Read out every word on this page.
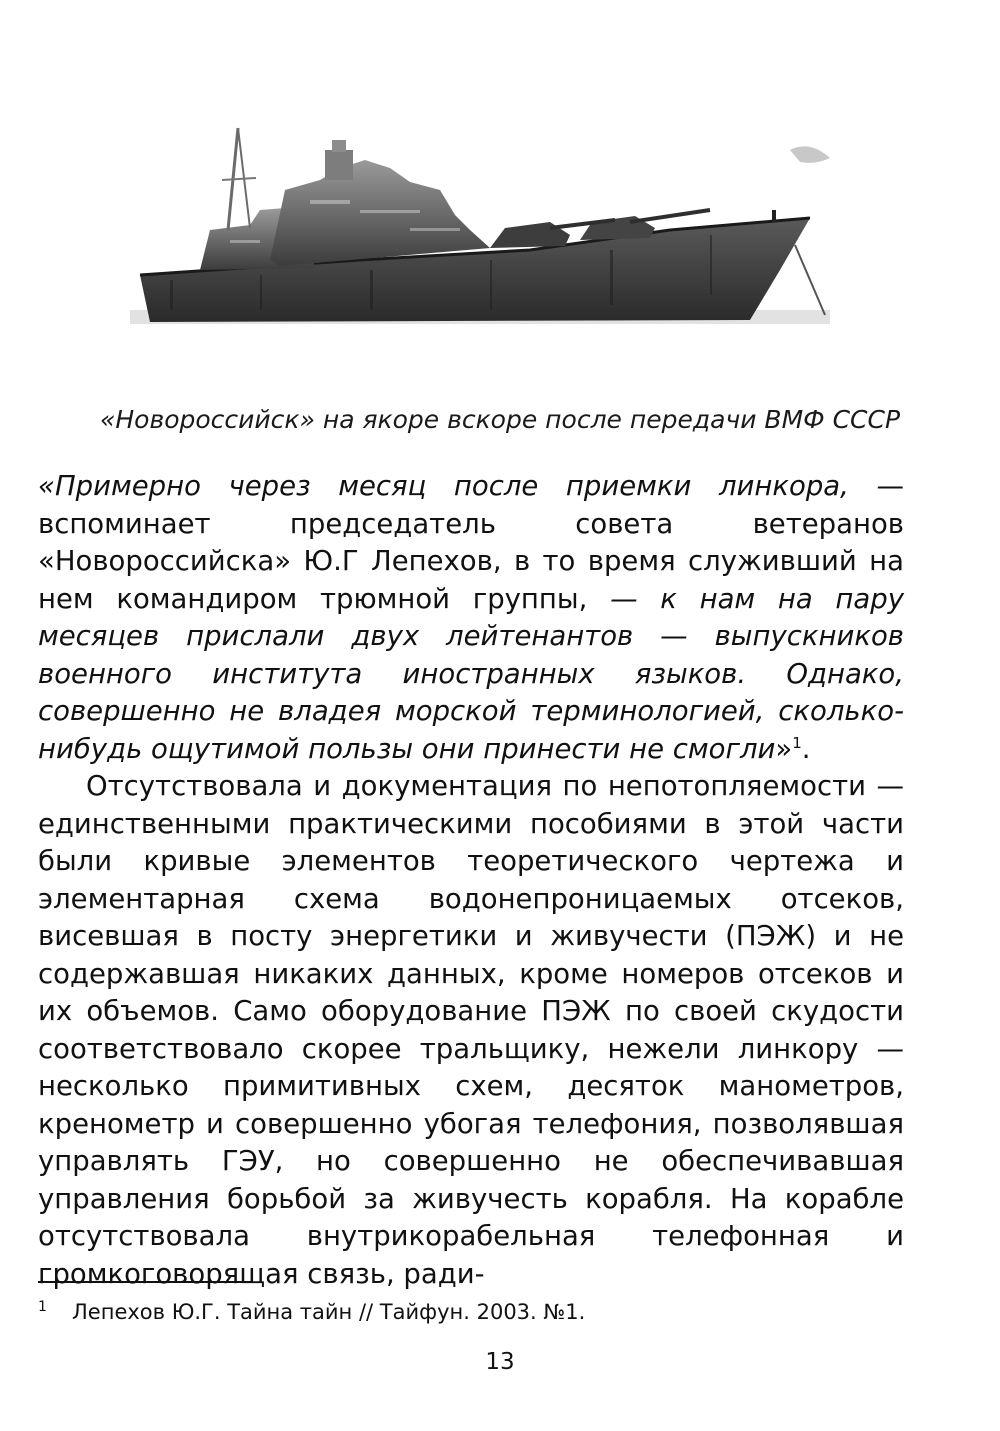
«Новороссийск» на якоре вскоре после передачи ВМФ СССР

«Примерно через месяц после приемки линкора, — вспоминает председатель совета ветеранов «Новороссийска» Ю.Г Лепехов, в то время служивший на нем командиром трюмной группы, — к нам на пару месяцев прислали двух лейтенантов — выпускников военного института иностранных языков. Однако, совершенно не владея морской терминологией, сколько-нибудь ощутимой пользы они принести не смогли»$^1$.

Отсутствовала и документация по непотопляемости — единственными практическими пособиями в этой части были кривые элементов теоретического чертежа и элементарная схема водонепроницаемых отсеков, висевшая в посту энергетики и живучести (ПЭЖ) и не содержавшая никаких данных, кроме номеров отсеков и их объемов. Само оборудование ПЭЖ по своей скудости соответствовало скорее тральщику, нежели линкору — несколько примитивных схем, десяток манометров, кренометр и совершенно убогая телефония, позволявшая управлять ГЭУ, но совершенно не обеспечивавшая управления борьбой за живучесть корабля. На корабле отсутствовала внутрикорабельная телефонная и громкоговорящая связь, ради-

1 Лепехов Ю.Г. Тайна тайн // Тайфун. 2003. №1.
13
